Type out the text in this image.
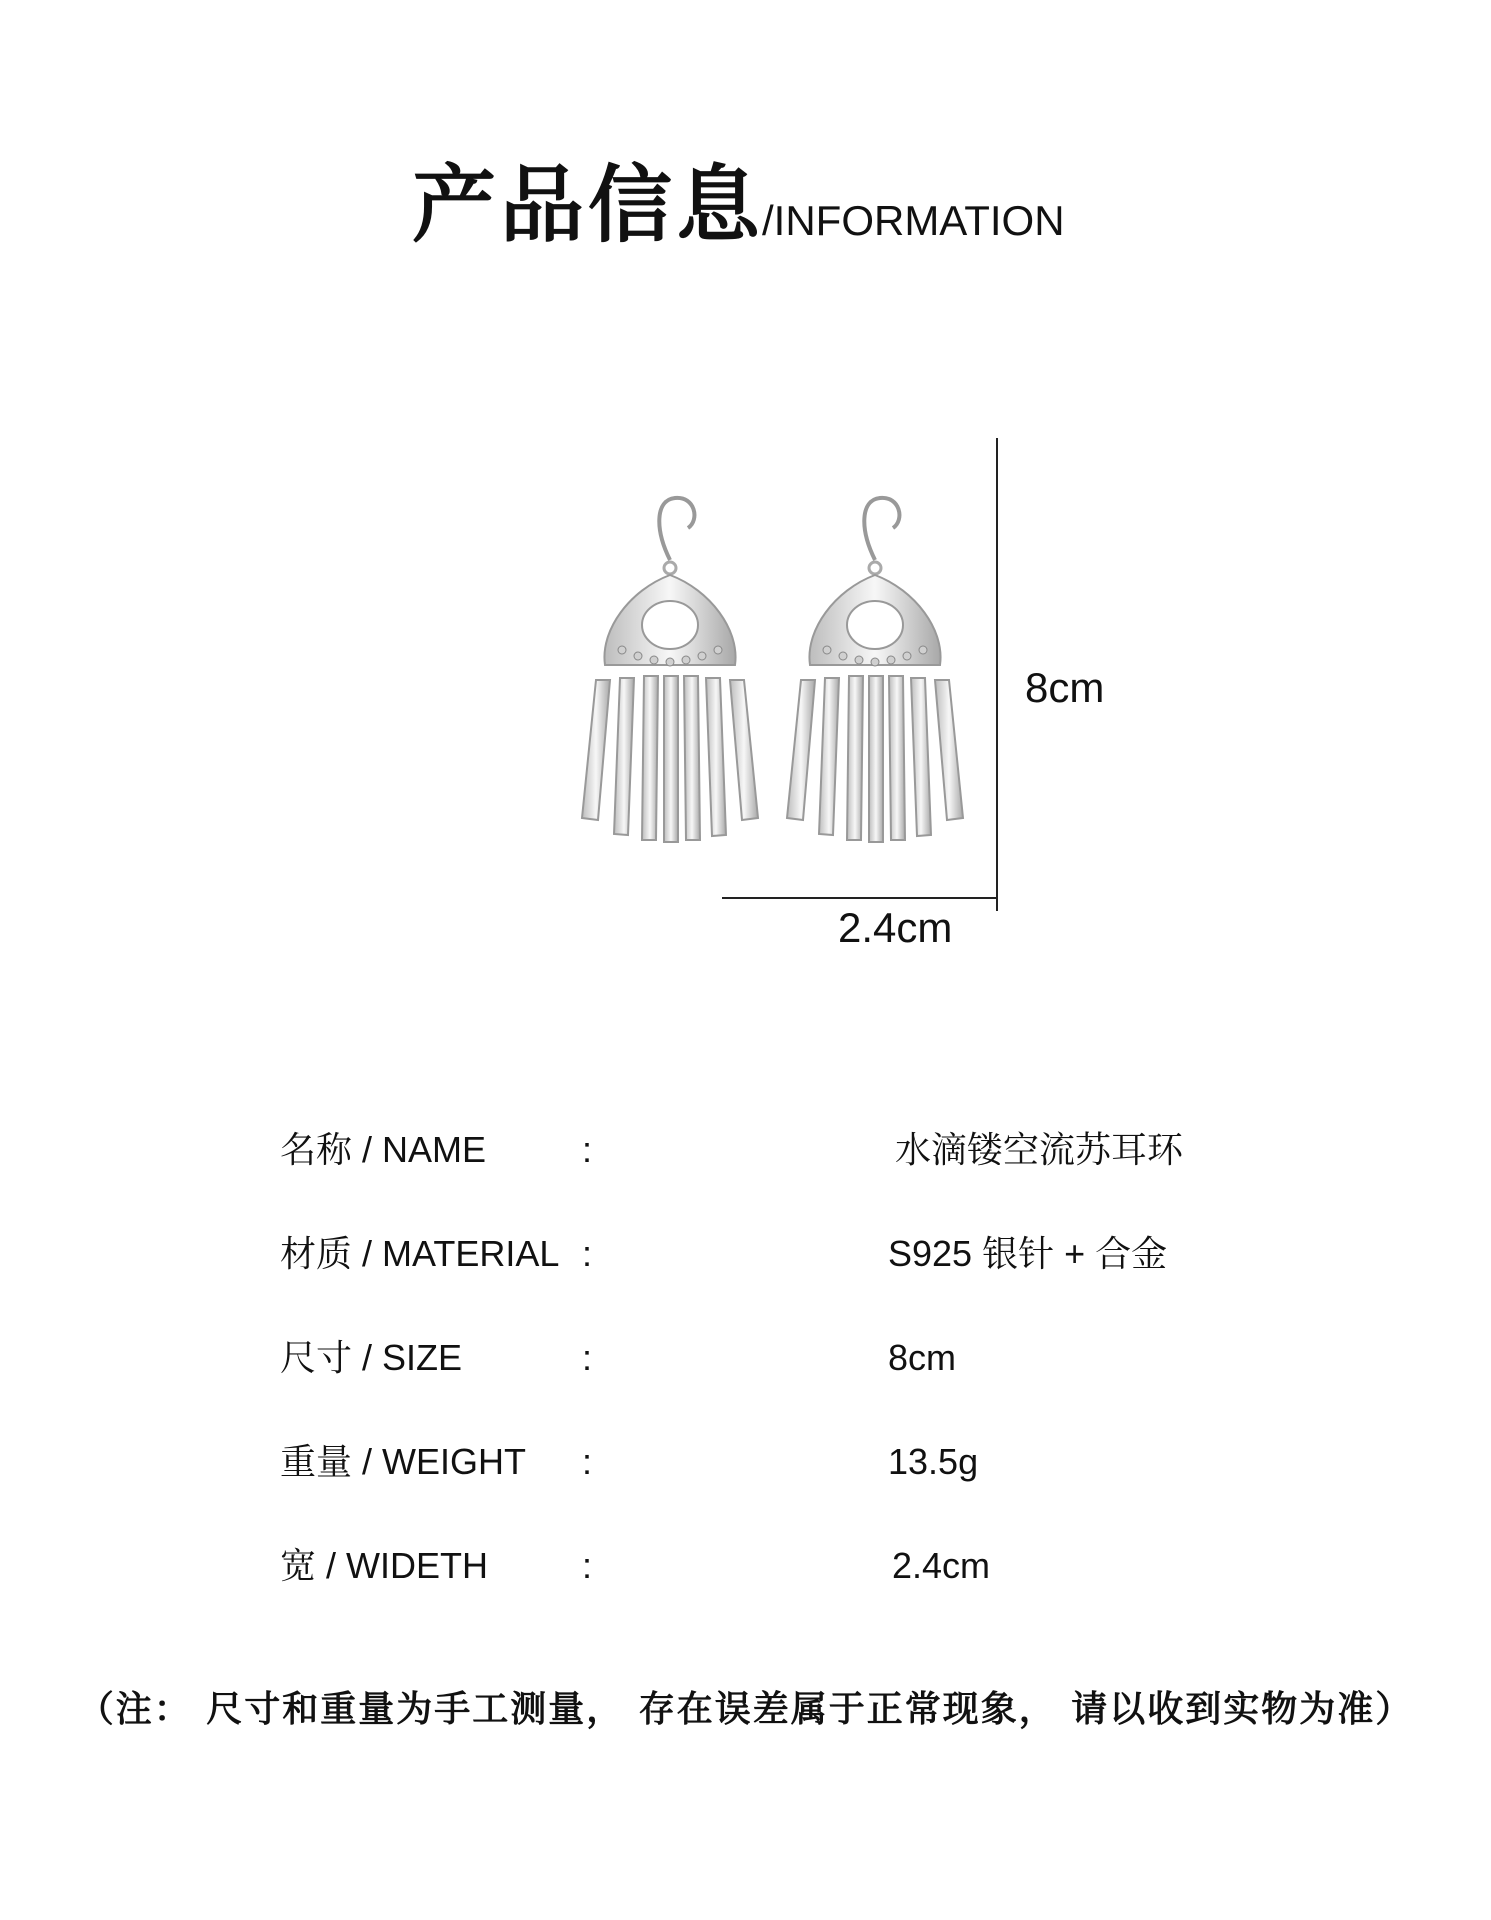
产品信息
/INFORMATION
8cm
2.4cm
名称 / NAME	:	水滴镂空流苏耳环
材质 / MATERIAL :	S925 银针 + 合金
尺寸 / SIZE	:	8cm
重量 / WEIGHT :	13.5g
宽 / WIDETH	:	2.4cm
（注： 尺寸和重量为手工测量， 存在误差属于正常现象， 请以收到实物为准）
